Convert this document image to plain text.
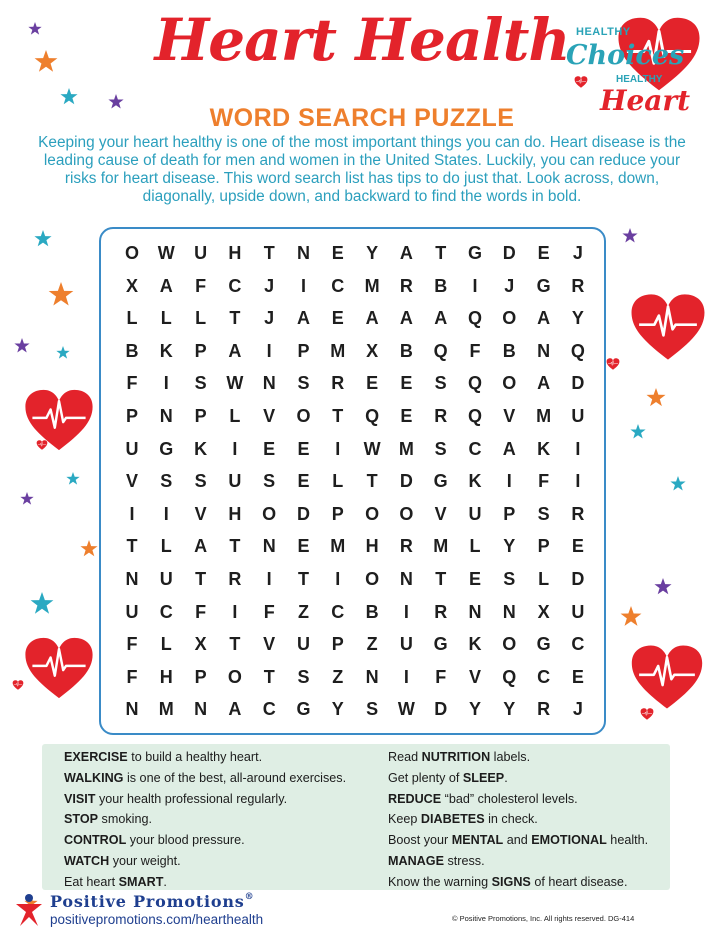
Heart Health
WORD SEARCH PUZZLE
HEALTHY
Choices
HEALTHY
Heart
Keeping your heart healthy is one of the most important things you can do. Heart disease is the leading cause of death for men and women in the United States. Luckily, you can reduce your risks for heart disease. This word search list has tips to do just that. Look across, down, diagonally, upside down, and backward to find the words in bold.
O	W	U	H	T	N	E	Y	A	T	G	D	E	J
X	A	F	C	J	I	C	M	R	B	I	J	G	R
L	L	L	T	J	A	E	A	A	A	Q	O	A	Y
B	K	P	A	I	P	M	X	B	Q	F	B	N	Q
F	I	S	W	N	S	R	E	E	S	Q	O	A	D
P	N	P	L	V	O	T	Q	E	R	Q	V	M	U
U	G	K	I	E	E	I	W	M	S	C	A	K	I
V	S	S	U	S	E	L	T	D	G	K	I	F	I
I	I	V	H	O	D	P	O	O	V	U	P	S	R
T	L	A	T	N	E	M	H	R	M	L	Y	P	E
N	U	T	R	I	T	I	O	N	T	E	S	L	D
U	C	F	I	F	Z	C	B	I	R	N	N	X	U
F	L	X	T	V	U	P	Z	U	G	K	O	G	C
F	H	P	O	T	S	Z	N	I	F	V	Q	C	E
N	M	N	A	C	G	Y	S	W	D	Y	Y	R	J
EXERCISE to build a healthy heart.
WALKING is one of the best, all-around exercises.
VISIT your health professional regularly.
STOP smoking.
CONTROL your blood pressure.
WATCH your weight.
Eat heart SMART.
Read NUTRITION labels.
Get plenty of SLEEP.
REDUCE “bad” cholesterol levels.
Keep DIABETES in check.
Boost your MENTAL and EMOTIONAL health.
MANAGE stress.
Know the warning SIGNS of heart disease.
Positive Promotions®
positivepromotions.com/hearthealth	© Positive Promotions, Inc. All rights reserved. DG-414
